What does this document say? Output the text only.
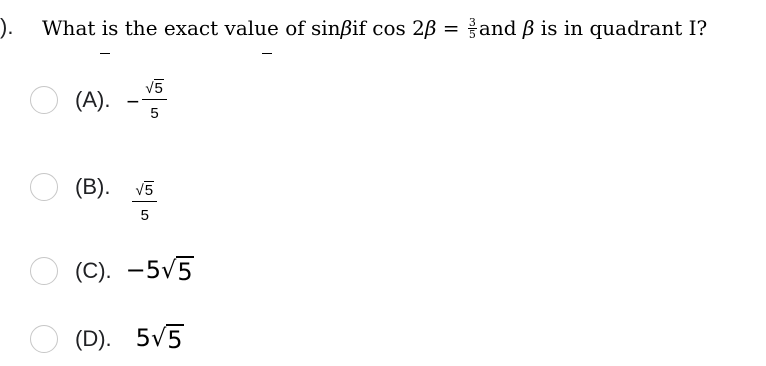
). What is the exact value of sin β if cos 2 $\beta = \frac{3}{5}$ and β is in quadrant I?
(A). − $\frac{√ 5}{5}$
(B). $\frac{√ 5}{5}$
(C). −5 √ 5
(D). 5 √ 5
